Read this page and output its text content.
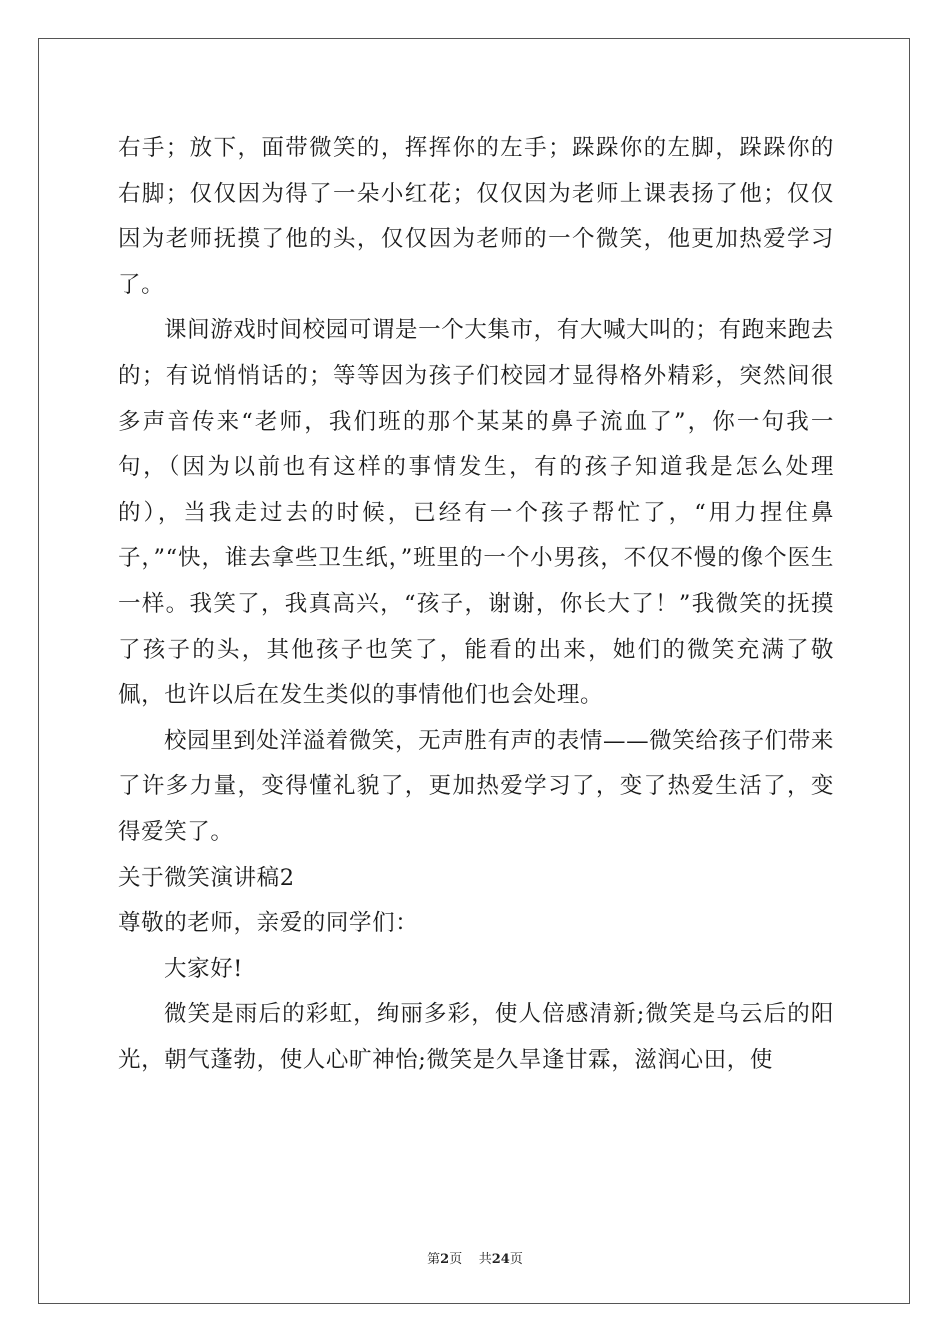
右手；放下，面带微笑的，挥挥你的左手；跺跺你的左脚，跺跺你的右脚；仅仅因为得了一朵小红花；仅仅因为老师上课表扬了他；仅仅因为老师抚摸了他的头，仅仅因为老师的一个微笑，他更加热爱学习了。

课间游戏时间校园可谓是一个大集市，有大喊大叫的；有跑来跑去的；有说悄悄话的；等等因为孩子们校园才显得格外精彩，突然间很多声音传来“老师，我们班的那个某某的鼻子流血了”，你一句我一句，（因为以前也有这样的事情发生，有的孩子知道我是怎么处理的），当我走过去的时候，已经有一个孩子帮忙了，“用力捏住鼻子，”“快，谁去拿些卫生纸，”班里的一个小男孩，不仅不慢的像个医生一样。我笑了，我真高兴，“孩子，谢谢，你长大了！”我微笑的抚摸了孩子的头，其他孩子也笑了，能看的出来，她们的微笑充满了敬佩，也许以后在发生类似的事情他们也会处理。

校园里到处洋溢着微笑，无声胜有声的表情——微笑给孩子们带来了许多力量，变得懂礼貌了，更加热爱学习了，变了热爱生活了，变得爱笑了。

关于微笑演讲稿2

尊敬的老师，亲爱的同学们：

大家好!

微笑是雨后的彩虹，绚丽多彩，使人倍感清新;微笑是乌云后的阳光，朝气蓬勃，使人心旷神怡;微笑是久旱逢甘霖，滋润心田，使

第2页 共24页
